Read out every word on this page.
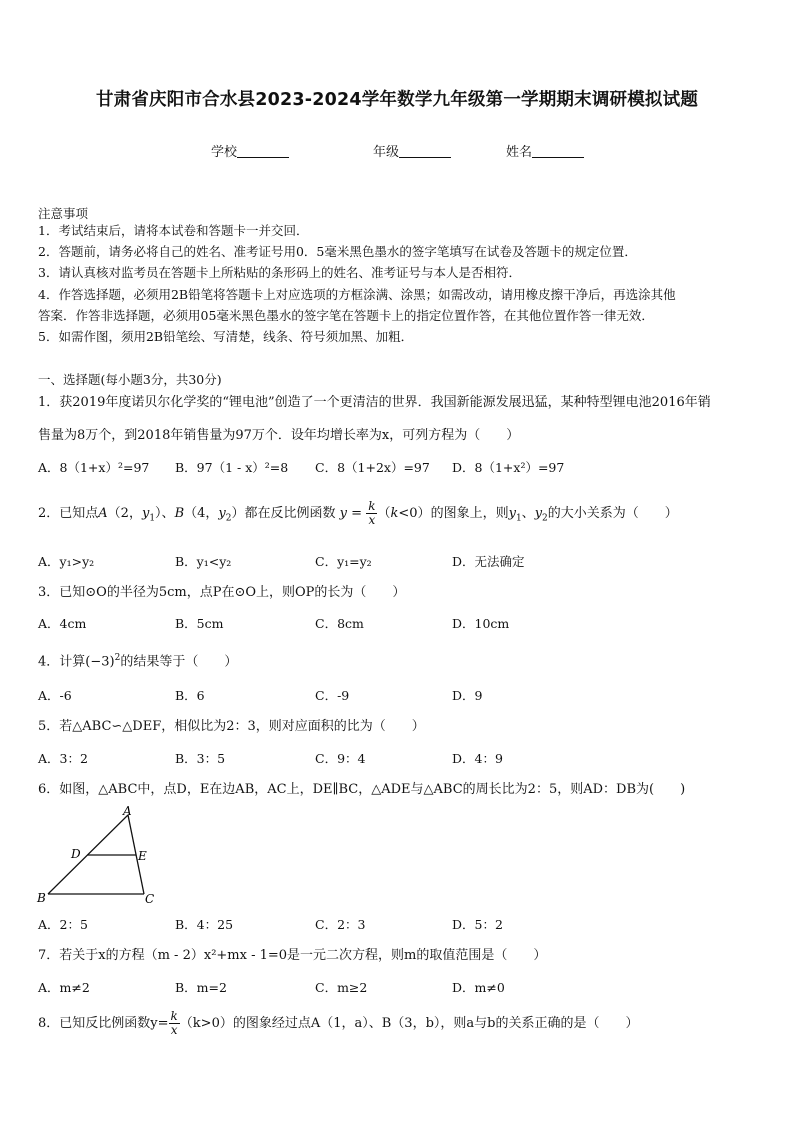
甘肃省庆阳市合水县2023-2024学年数学九年级第一学期期末调研模拟试题
学校	年级	姓名
注意事项
1．考试结束后，请将本试卷和答题卡一并交回．
2．答题前，请务必将自己的姓名、准考证号用0．5毫米黑色墨水的签字笔填写在试卷及答题卡的规定位置．
3．请认真核对监考员在答题卡上所粘贴的条形码上的姓名、准考证号与本人是否相符．
4．作答选择题，必须用2B铅笔将答题卡上对应选项的方框涂满、涂黑；如需改动，请用橡皮擦干净后，再选涂其他
答案．作答非选择题，必须用05毫米黑色墨水的签字笔在答题卡上的指定位置作答，在其他位置作答一律无效．
5．如需作图，须用2B铅笔绘、写清楚，线条、符号须加黑、加粗．
一、选择题(每小题3分，共30分)
1．获2019年度诺贝尔化学奖的“锂电池”创造了一个更清洁的世界．我国新能源发展迅猛，某种特型锂电池2016年销
售量为8万个，到2018年销售量为97万个．设年均增长率为x，可列方程为（　　）
A．8（1+x）²=97 B．97（1 - x）²=8 C．8（1+2x）=97 D．8（1+x²）=97
2．已知点A（2，$y_1$）、B（4，$y_2$）都在反比例函数 $y = \frac{k}{x} (k<0)$的图象上，则$y_1$、$y_2$的大小关系为（　　）
A．y₁>y₂	B．y₁<y₂	C．y₁=y₂	D．无法确定
3．已知⊙O的半径为5cm，点P在⊙O上，则OP的长为（　　）
A．4cm	B．5cm	C．8cm	D．10cm
4．计算$(-3)^2$的结果等于（　　）
A．-6	B．6	C．-9	D．9
5．若△ABC∽△DEF，相似比为2：3，则对应面积的比为（　　）
A．3：2	B．3：5	C．9：4	D．4：9
6．如图，△ABC中，点D，E在边AB，AC上，DE∥BC，△ADE与△ABC的周长比为2：5，则AD：DB为(　　)
A
D	E
B	C
A．2：5	B．4：25	C．2：3	D．5：2
7．若关于x的方程（m - 2）x²+mx - 1=0是一元二次方程，则m的取值范围是（　　）
A．m≠2	B．m=2	C．m≥2	D．m≠0
8．已知反比例函数$y= \frac{k}{x} (k>0)$的图象经过点A（1，a）、B（3，b），则a与b的关系正确的是（　　）
